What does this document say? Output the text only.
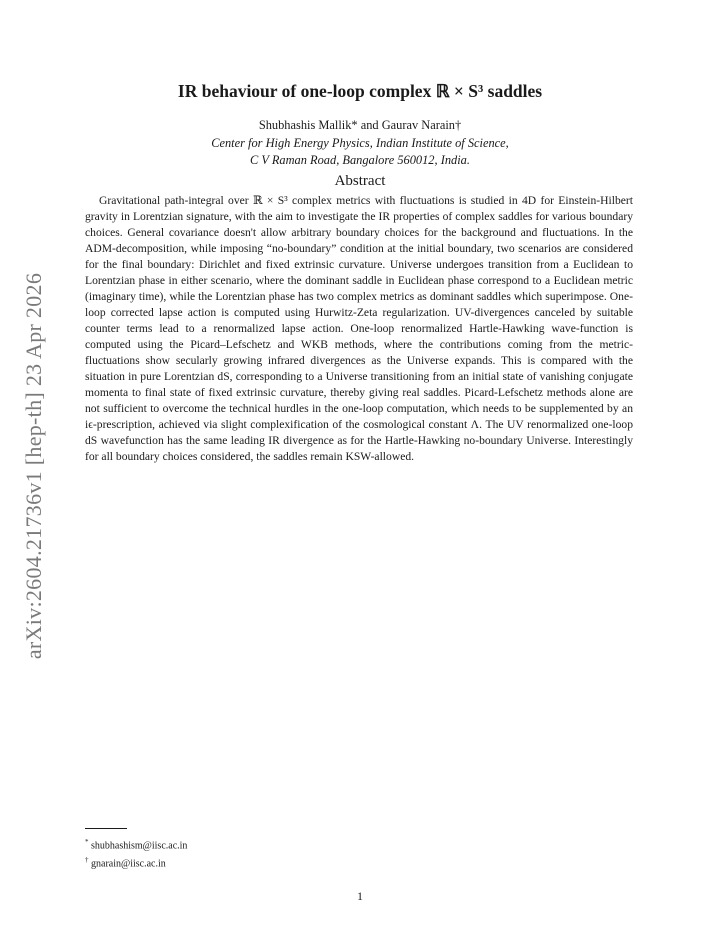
arXiv:2604.21736v1 [hep-th] 23 Apr 2026
IR behaviour of one-loop complex ℝ × S³ saddles
Shubhashis Mallik* and Gaurav Narain†
Center for High Energy Physics, Indian Institute of Science,
C V Raman Road, Bangalore 560012, India.
Abstract

Gravitational path-integral over ℝ × S³ complex metrics with fluctuations is studied in 4D for Einstein-Hilbert gravity in Lorentzian signature, with the aim to investigate the IR properties of complex saddles for various boundary choices. General covariance doesn't allow arbitrary boundary choices for the background and fluctuations. In the ADM-decomposition, while imposing “no-boundary” condition at the initial boundary, two scenarios are considered for the final boundary: Dirichlet and fixed extrinsic curvature. Universe undergoes transition from a Euclidean to Lorentzian phase in either scenario, where the dominant saddle in Euclidean phase correspond to a Euclidean metric (imaginary time), while the Lorentzian phase has two complex metrics as dominant saddles which superimpose. One-loop corrected lapse action is computed using Hurwitz-Zeta regularization. UV-divergences canceled by suitable counter terms lead to a renormalized lapse action. One-loop renormalized Hartle-Hawking wave-function is computed using the Picard–Lefschetz and WKB methods, where the contributions coming from the metric-fluctuations show secularly growing infrared divergences as the Universe expands. This is compared with the situation in pure Lorentzian dS, corresponding to a Universe transitioning from an initial state of vanishing conjugate momenta to final state of fixed extrinsic curvature, thereby giving real saddles. Picard-Lefschetz methods alone are not sufficient to overcome the technical hurdles in the one-loop computation, which needs to be supplemented by an iϵ-prescription, achieved via slight complexification of the cosmological constant Λ. The UV renormalized one-loop dS wavefunction has the same leading IR divergence as for the Hartle-Hawking no-boundary Universe. Interestingly for all boundary choices considered, the saddles remain KSW-allowed.

* shubhashism@iisc.ac.in
† gnarain@iisc.ac.in
1
